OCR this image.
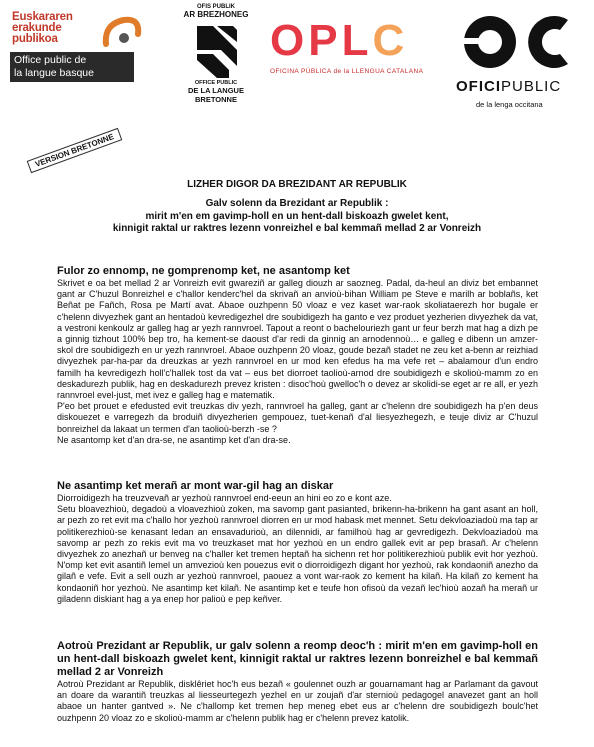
Euskararen
erakunde
publikoa
Office public de
la langue basque
OFIS PUBLIK
AR BREZHONEG
OFFICE PUBLIC
DE LA LANGUE
BRETONNE
OPLC
OFICINA PÚBLICA de la LLENGUA CATALANA
OFICIPUBLIC
de la lenga occitana
VERSION BRETONNE
LIZHER DIGOR DA BREZIDANT AR REPUBLIK
Galv solenn da Brezidant ar Republik :
mirit m'en em gavimp-holl en un hent-dall biskoazh gwelet kent,
kinnigit raktal ur raktres lezenn vonreizhel e bal kemmañ mellad 2 ar Vonreizh
Fulor zo ennomp, ne gomprenomp ket, ne asantomp ket
Skrivet e oa bet mellad 2 ar Vonreizh evit gwareziñ ar galleg diouzh ar saozneg. Padal, da-heul an diviz bet embannet gant ar C'huzul Bonreizhel e c'hallor kenderc'hel da skrivañ an anvioù-bihan William pe Steve e marilh ar boblañs, ket Beñat pe Fañch, Rosa pe Martí avat. Abaoe ouzhpenn 50 vloaz e vez kaset war-raok skoliataerezh hor bugale er c'helenn divyezhek gant an hentadoù kevredigezhel dre soubidigezh ha ganto e vez produet yezherien divyezhek da vat, a vestroni kenkoulz ar galleg hag ar yezh rannvroel. Tapout a reont o bachelouriezh gant ur feur berzh mat hag a dizh pe a ginnig tizhout 100% bep tro, ha kement-se daoust d'ar redi da ginnig an arnodennoù… e galleg e dibenn un amzer-skol dre soubidigezh en ur yezh rannvroel. Abaoe ouzhpenn 20 vloaz, goude bezañ stadet ne zeu ket a-benn ar reizhiad divyezhek par-ha-par da dreuzkas ar yezh rannvroel en ur mod ken efedus ha ma vefe ret – abalamour d'un endro familh ha kevredigezh holl'c'hallek tost da vat – eus bet diorroet taolioù-arnod dre soubidigezh e skolioù-mamm zo en deskadurezh publik, hag en deskadurezh prevez kristen : disoc'hoù gwelloc'h o devez ar skolidi-se eget ar re all, er yezh rannvroel evel-just, met ivez e galleg hag e matematik.
P'eo bet prouet e efedusted evit treuzkas div yezh, rannvroel ha galleg, gant ar c'helenn dre soubidigezh ha p'en deus diskouezet e varregezh da broduiñ divyezherien gempouez, tuet-kenañ d'al liesyezhegezh, e teuje diviz ar C'huzul bonreizhel da lakaat un termen d'an taolioù-berzh -se ?
Ne asantomp ket d'an dra-se, ne asantimp ket d'an dra-se.
Ne asantimp ket merañ ar mont war-gil hag an diskar
Diorroidigezh ha treuzvevañ ar yezhoù rannvroel end-eeun an hini eo zo e kont aze.
Setu bloavezhioù, degadoù a vloavezhioù zoken, ma savomp gant pasianted, brikenn-ha-brikenn ha gant asant an holl, ar pezh zo ret evit ma c'hallo hor yezhoù rannvroel diorren en ur mod habask met mennet. Setu dekvloaziadoù ma tap ar politikerezhioù-se kenasant ledan an ensavadurioù, an dilennidi, ar familhoù hag ar gevredigezh. Dekvloaziadoù ma savomp ar pezh zo rekis evit ma vo treuzkaset mat hor yezhoù en un endro gallek evit ar pep brasañ. Ar c'helenn divyezhek zo anezhañ ur benveg na c'haller ket tremen heptañ ha sichenn ret hor politikerezhioù publik evit hor yezhoù. N'omp ket evit asantiñ lemel un amvezioù ken pouezus evit o diorroidigezh digant hor yezhoù, rak kondaoniñ anezho da gilañ e vefe. Evit a sell ouzh ar yezhoù rannvroel, paouez a vont war-raok zo kement ha kilañ. Ha kilañ zo kement ha kondaoniñ hor yezhoù. Ne asantimp ket kilañ. Ne asantimp ket e teufe hon ofisoù da vezañ lec'hioù aozañ ha merañ ur giladenn diskiant hag a ya enep hor palioù e pep keñver.
Aotroù Prezidant ar Republik, ur galv solenn a reomp deoc'h : mirit m'en em gavimp-holl en un hent-dall biskoazh gwelet kent, kinnigit raktal ur raktres lezenn bonreizhel e bal kemmañ mellad 2 ar Vonreizh
Aotroù Prezidant ar Republik, disklêriet hoc'h eus bezañ « goulennet ouzh ar gouarnamant hag ar Parlamant da gavout an doare da warantiñ treuzkas al liesseurtegezh yezhel en ur zoujañ d'ar sternioù pedagogel anavezet gant an holl abaoe un hanter gantved ». Ne c'hallomp ket tremen hep meneg ebet eus ar c'helenn dre soubidigezh boulc'het ouzhpenn 20 vloaz zo e skolioù-mamm ar c'helenn publik hag er c'helenn prevez katolik.
